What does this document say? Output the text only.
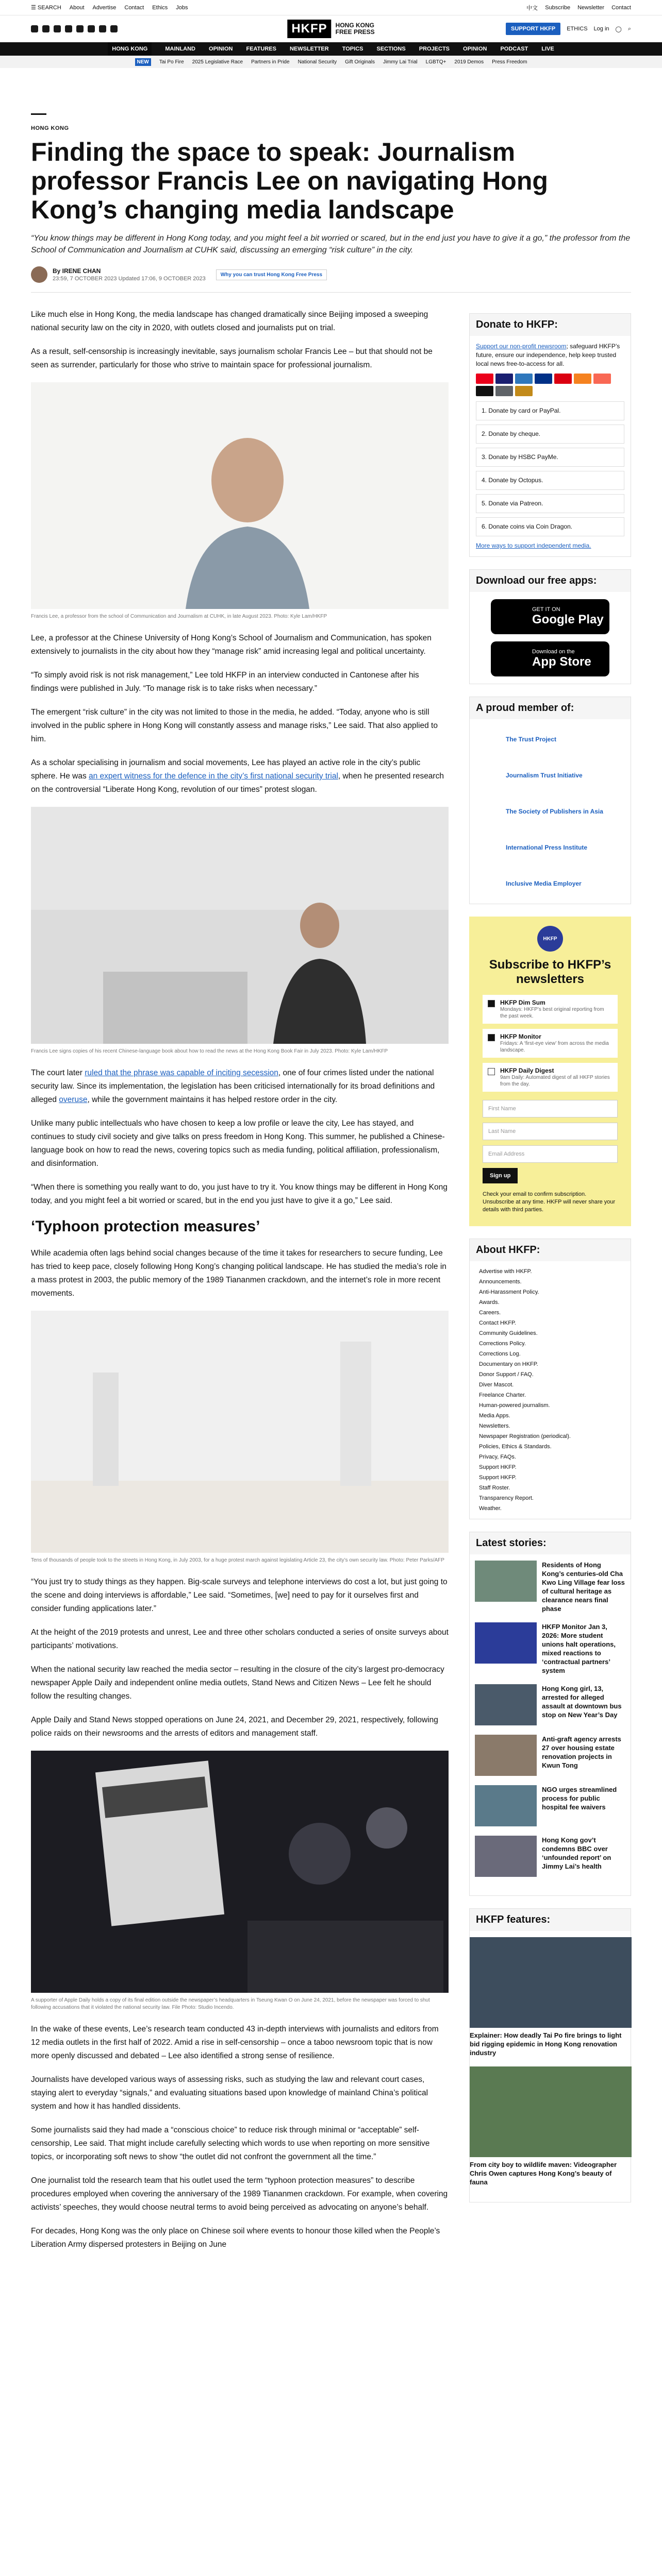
☰ SEARCH About Advertise Contact Ethics Jobs	中文 Subscribe Newsletter Contact
HKFP	HONG KONG
FREE PRESS	SUPPORT HKFP	ETHICS Log in ◯ ⌕
HONG KONG	MAINLAND OPINION FEATURES NEWSLETTER TOPICS SECTIONS PROJECTS OPINION PODCAST LIVE
NEW	Tai Po Fire 2025 Legislative Race Partners in Pride National Security Gift Originals Jimmy Lai Trial LGBTQ+ 2019 Demos Press Freedom
HONG KONG
Finding the space to speak: Journalism professor Francis Lee on navigating Hong Kong’s changing media landscape

“You know things may be different in Hong Kong today, and you might feel a bit worried or scared, but in the end just you have to give it a go,” the professor from the School of Communication and Journalism at CUHK said, discussing an emerging “risk culture” in the city.

By IRENE CHAN
23:59, 7 OCTOBER 2023 Updated 17:06, 9 OCTOBER 2023
Why you can trust Hong Kong Free Press

Like much else in Hong Kong, the media landscape has changed dramatically since Beijing imposed a sweeping national security law on the city in 2020, with outlets closed and journalists put on trial.

As a result, self-censorship is increasingly inevitable, says journalism scholar Francis Lee – but that should not be seen as surrender, particularly for those who strive to maintain space for professional journalism.

Francis Lee, a professor from the school of Communication and Journalism at CUHK, in late August 2023. Photo: Kyle Lam/HKFP

Lee, a professor at the Chinese University of Hong Kong’s School of Journalism and Communication, has spoken extensively to journalists in the city about how they “manage risk” amid increasing legal and political uncertainty.

“To simply avoid risk is not risk management,” Lee told HKFP in an interview conducted in Cantonese after his findings were published in July. “To manage risk is to take risks when necessary.”

The emergent “risk culture” in the city was not limited to those in the media, he added. “Today, anyone who is still involved in the public sphere in Hong Kong will constantly assess and manage risks,” Lee said. That also applied to him.

As a scholar specialising in journalism and social movements, Lee has played an active role in the city’s public sphere. He was an expert witness for the defence in the city’s first national security trial, when he presented research on the controversial “Liberate Hong Kong, revolution of our times” protest slogan.

Francis Lee signs copies of his recent Chinese-language book about how to read the news at the Hong Kong Book Fair in July 2023. Photo: Kyle Lam/HKFP

The court later ruled that the phrase was capable of inciting secession, one of four crimes listed under the national security law. Since its implementation, the legislation has been criticised internationally for its broad definitions and alleged overuse, while the government maintains it has helped restore order in the city.

Unlike many public intellectuals who have chosen to keep a low profile or leave the city, Lee has stayed, and continues to study civil society and give talks on press freedom in Hong Kong. This summer, he published a Chinese-language book on how to read the news, covering topics such as media funding, political affiliation, professionalism, and disinformation.

“When there is something you really want to do, you just have to try it. You know things may be different in Hong Kong today, and you might feel a bit worried or scared, but in the end you just have to give it a go,” Lee said.

‘Typhoon protection measures’

While academia often lags behind social changes because of the time it takes for researchers to secure funding, Lee has tried to keep pace, closely following Hong Kong’s changing political landscape. He has studied the media’s role in a mass protest in 2003, the public memory of the 1989 Tiananmen crackdown, and the internet’s role in more recent movements.

Tens of thousands of people took to the streets in Hong Kong, in July 2003, for a huge protest march against legislating Article 23, the city’s own security law. Photo: Peter Parks/AFP

“You just try to study things as they happen. Big-scale surveys and telephone interviews do cost a lot, but just going to the scene and doing interviews is affordable,” Lee said. “Sometimes, [we] need to pay for it ourselves first and consider funding applications later.”

At the height of the 2019 protests and unrest, Lee and three other scholars conducted a series of onsite surveys about participants’ motivations.

When the national security law reached the media sector – resulting in the closure of the city’s largest pro-democracy newspaper Apple Daily and independent online media outlets, Stand News and Citizen News – Lee felt he should follow the resulting changes.

Apple Daily and Stand News stopped operations on June 24, 2021, and December 29, 2021, respectively, following police raids on their newsrooms and the arrests of editors and management staff.

A supporter of Apple Daily holds a copy of its final edition outside the newspaper’s headquarters in Tseung Kwan O on June 24, 2021, before the newspaper was forced to shut following accusations that it violated the national security law. File Photo: Studio Incendo.

In the wake of these events, Lee’s research team conducted 43 in-depth interviews with journalists and editors from 12 media outlets in the first half of 2022. Amid a rise in self-censorship – once a taboo newsroom topic that is now more openly discussed and debated – Lee also identified a strong sense of resilience.

Journalists have developed various ways of assessing risks, such as studying the law and relevant court cases, staying alert to everyday “signals,” and evaluating situations based upon knowledge of mainland China’s political system and how it has handled dissidents.

Some journalists said they had made a “conscious choice” to reduce risk through minimal or “acceptable” self-censorship, Lee said. That might include carefully selecting which words to use when reporting on more sensitive topics, or incorporating soft news to show “the outlet did not confront the government all the time.”

One journalist told the research team that his outlet used the term “typhoon protection measures” to describe procedures employed when covering the anniversary of the 1989 Tiananmen crackdown. For example, when covering activists’ speeches, they would choose neutral terms to avoid being perceived as advocating on anyone’s behalf.

For decades, Hong Kong was the only place on Chinese soil where events to honour those killed when the People’s Liberation Army dispersed protesters in Beijing on June

Donate to HKFP:

Support our non-profit newsroom; safeguard HKFP’s future, ensure our independence, help keep trusted local news free-to-access for all.

1. Donate by card or PayPal.
2. Donate by cheque.
3. Donate by HSBC PayMe.
4. Donate by Octopus.
5. Donate via Patreon.
6. Donate coins via Coin Dragon.

More ways to support independent media.

Download our free apps:
GET IT ON
Google Play
Download on the
App Store
A proud member of:
The Trust Project
Journalism Trust Initiative
The Society of Publishers in Asia
International Press Institute
Inclusive Media Employer
HKFP
Subscribe to HKFP’s newsletters
HKFP Dim Sum
Mondays: HKFP’s best original reporting from the past week.
HKFP Monitor
Fridays: A ‘first-eye view’ from across the media landscape.
HKFP Daily Digest
9am Daily: Automated digest of all HKFP stories from the day.
First Name
Last Name
Email Address
Sign up

Check your email to confirm subscription. Unsubscribe at any time. HKFP will never share your details with third parties.

About HKFP:
Advertise with HKFP.
Announcements.
Anti-Harassment Policy.
Awards.
Careers.
Contact HKFP.
Community Guidelines.
Corrections Policy.
Corrections Log.
Documentary on HKFP.
Donor Support / FAQ.
Diver Mascot.
Freelance Charter.
Human-powered journalism.
Media Apps.
Newsletters.
Newspaper Registration (periodical).
Policies, Ethics & Standards.
Privacy, FAQs.
Support HKFP.
Support HKFP.
Staff Roster.
Transparency Report.
Weather.
Latest stories:
Residents of Hong Kong’s centuries-old Cha Kwo Ling Village fear loss of cultural heritage as clearance nears final phase
HKFP Monitor Jan 3, 2026: More student unions halt operations, mixed reactions to ‘contractual partners’ system
Hong Kong girl, 13, arrested for alleged assault at downtown bus stop on New Year’s Day
Anti-graft agency arrests 27 over housing estate renovation projects in Kwun Tong
NGO urges streamlined process for public hospital fee waivers
Hong Kong gov’t condemns BBC over ‘unfounded report’ on Jimmy Lai’s health
HKFP features:
Explainer: How deadly Tai Po fire brings to light bid rigging epidemic in Hong Kong renovation industry
From city boy to wildlife maven: Videographer Chris Owen captures Hong Kong’s beauty of fauna
